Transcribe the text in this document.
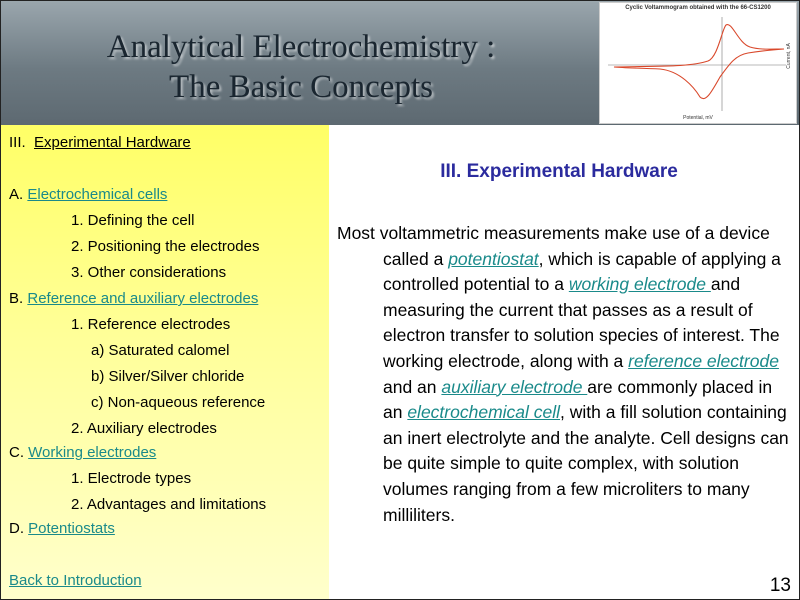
Analytical Electrochemistry :
The Basic Concepts
Cyclic Voltammogram obtained with the 66-CS1200
Potential, mV
Current, nA
III. Experimental Hardware
A. Electrochemical cells
1. Defining the cell
2. Positioning the electrodes
3. Other considerations
B. Reference and auxiliary electrodes
1. Reference electrodes
a) Saturated calomel
b) Silver/Silver chloride
c) Non-aqueous reference
2. Auxiliary electrodes
C. Working electrodes
1. Electrode types
2. Advantages and limitations
D. Potentiostats
Back to Introduction
III. Experimental Hardware
Most voltammetric measurements make use of a device called a potentiostat, which is capable of applying a controlled potential to a working electrode and measuring the current that passes as a result of electron transfer to solution species of interest. The working electrode, along with a reference electrode and an auxiliary electrode are commonly placed in an electrochemical cell, with a fill solution containing an inert electrolyte and the analyte. Cell designs can be quite simple to quite complex, with solution volumes ranging from a few microliters to many milliliters.
13
